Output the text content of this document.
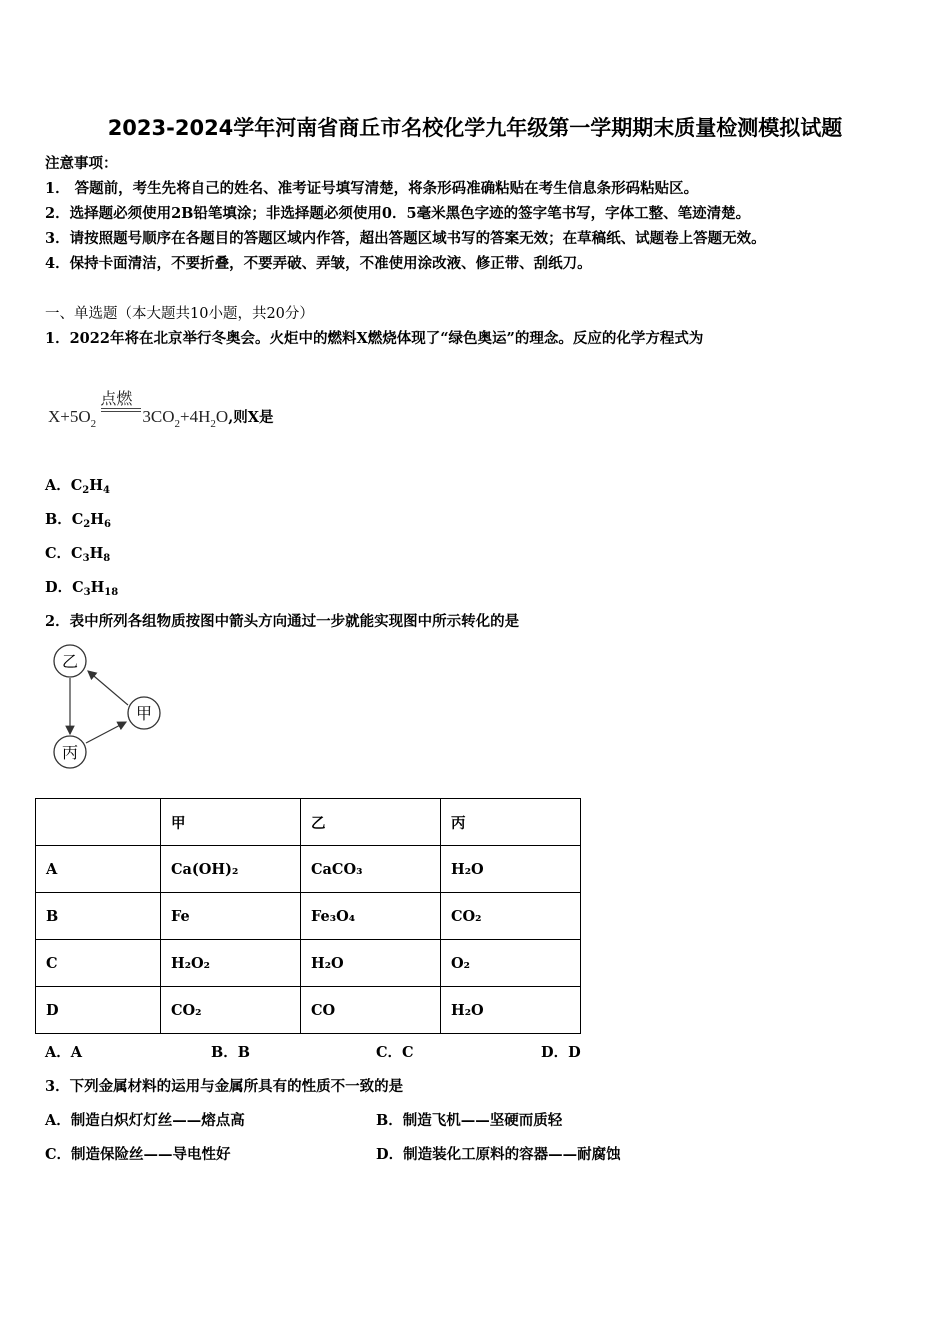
2023-2024学年河南省商丘市名校化学九年级第一学期期末质量检测模拟试题
注意事项：
1． 答题前，考生先将自己的姓名、准考证号填写清楚，将条形码准确粘贴在考生信息条形码粘贴区。
2．选择题必须使用2B铅笔填涂；非选择题必须使用0．5毫米黑色字迹的签字笔书写，字体工整、笔迹清楚。
3．请按照题号顺序在各题目的答题区域内作答，超出答题区域书写的答案无效；在草稿纸、试题卷上答题无效。
4．保持卡面清洁，不要折叠，不要弄破、弄皱，不准使用涂改液、修正带、刮纸刀。
一、单选题（本大题共10小题，共20分）
1．2022年将在北京举行冬奥会。火炬中的燃料X燃烧体现了“绿色奥运”的理念。反应的化学方程式为
$X+5O_2$
点燃
$3CO_2+4H_2O$,则X是
A．$C_2H_4$
B．$C_2H_6$
C．$C_3H_8$
D．$C_3H_{18}$
2．表中所列各组物质按图中箭头方向通过一步就能实现图中所示转化的是
乙
甲
丙
	甲	乙	丙
A	Ca(OH)₂	CaCO₃	H₂O
B	Fe	Fe₃O₄	CO₂
C	H₂O₂	H₂O	O₂
D	CO₂	CO	H₂O
A．A	B．B	C．C	D．D
3．下列金属材料的运用与金属所具有的性质不一致的是
A．制造白炽灯灯丝——熔点高	B．制造飞机——坚硬而质轻
C．制造保险丝——导电性好	D．制造装化工原料的容器——耐腐蚀
